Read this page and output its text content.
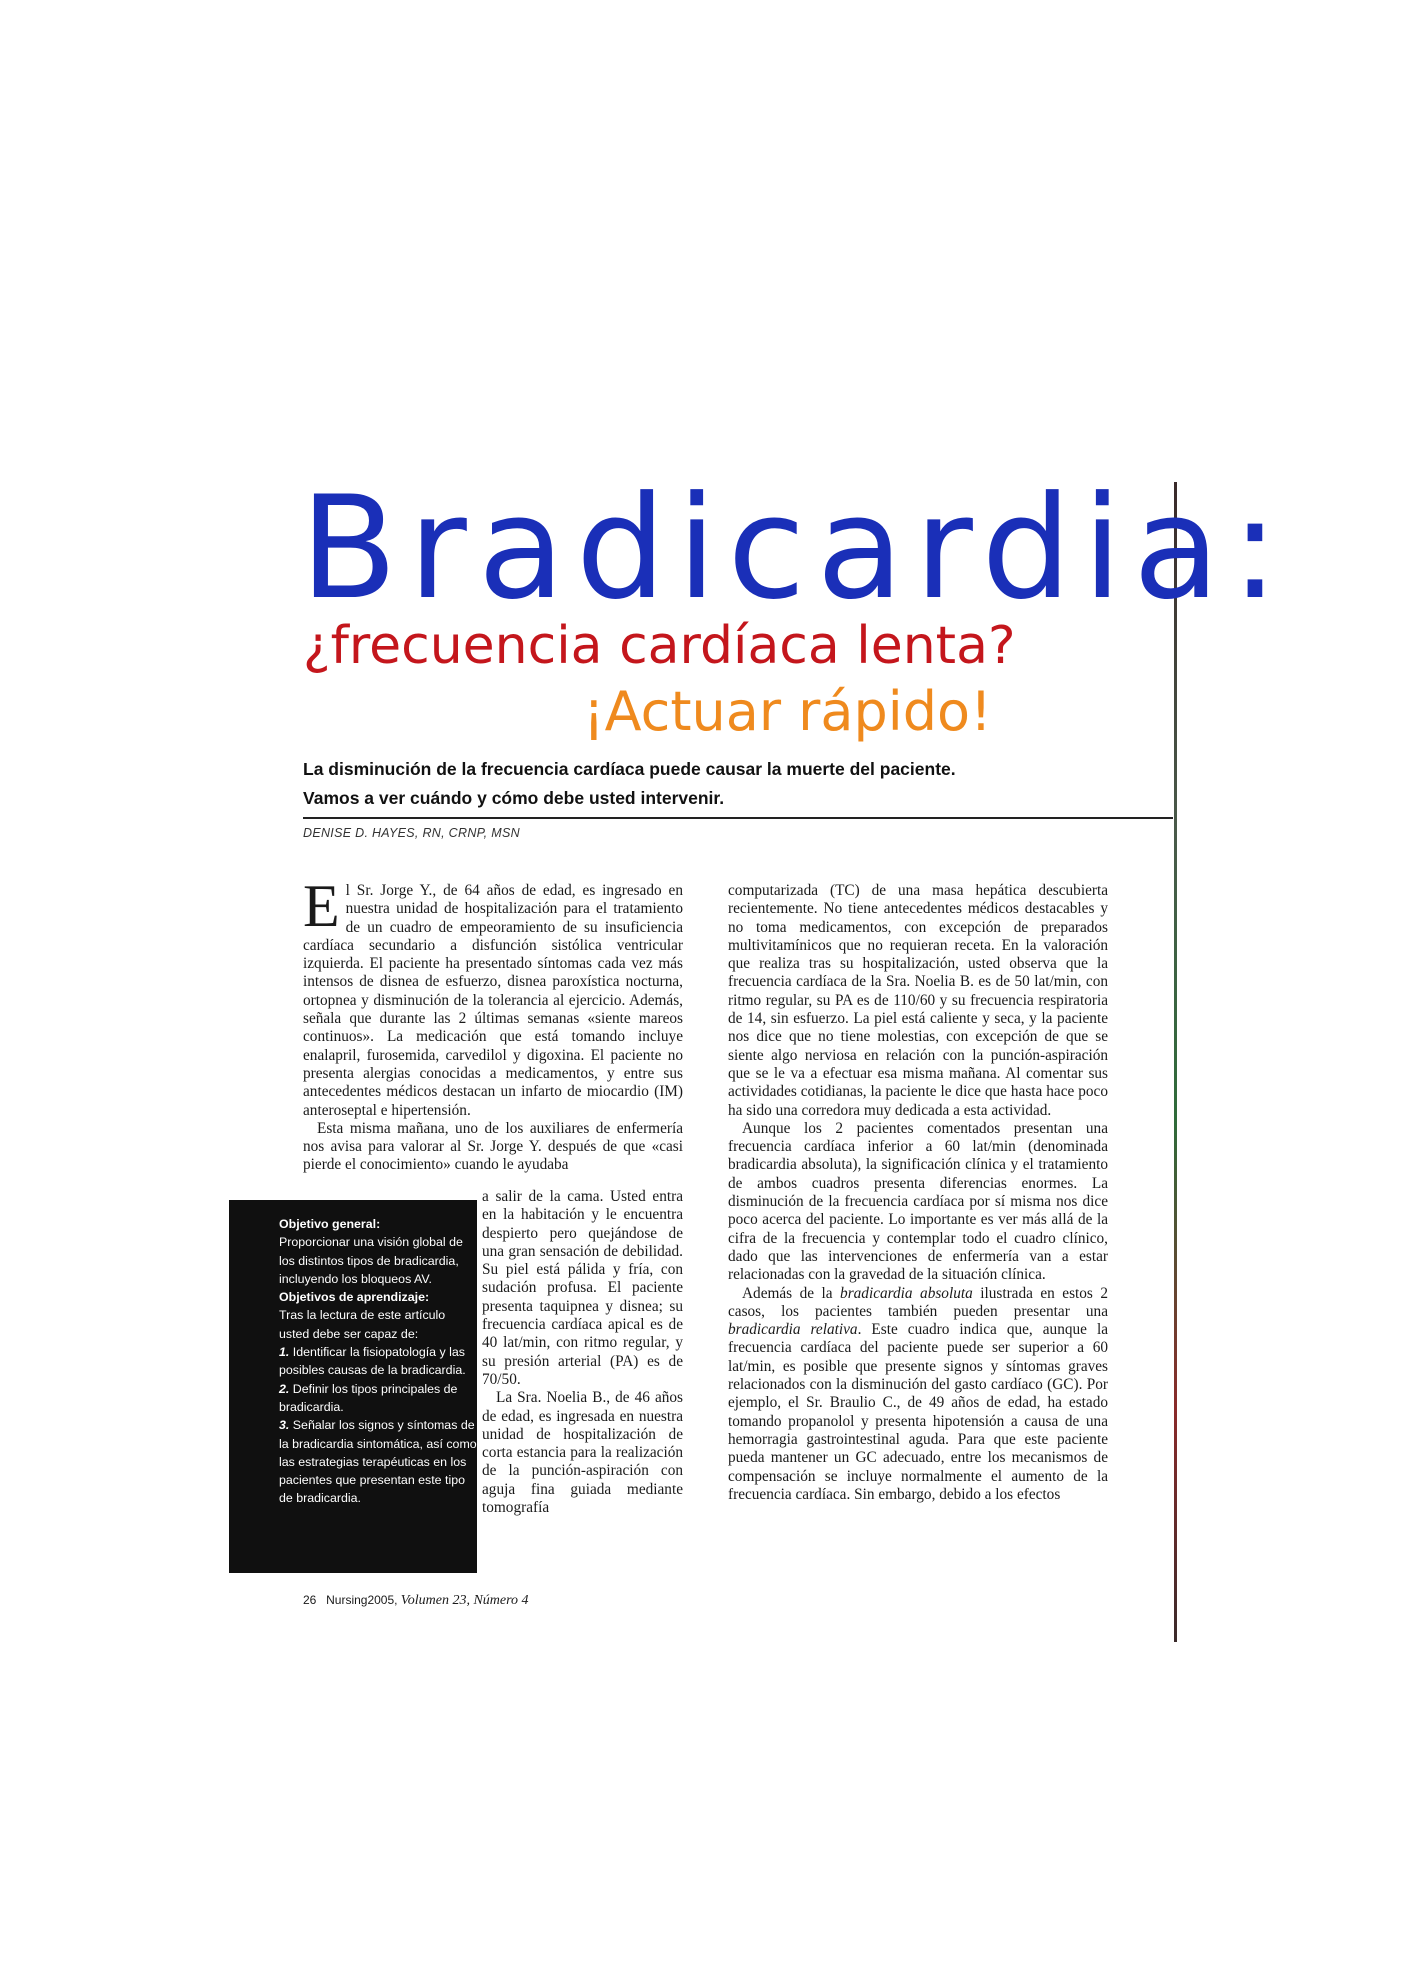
Bradicardia:
¿frecuencia cardíaca lenta?
¡Actuar rápido!

La disminución de la frecuencia cardíaca puede causar la muerte del paciente.

Vamos a ver cuándo y cómo debe usted intervenir.

DENISE D. HAYES, RN, CRNP, MSN

El Sr. Jorge Y., de 64 años de edad, es ingresado en nuestra unidad de hospitalización para el tratamiento de un cuadro de empeoramiento de su insuficiencia cardíaca secundario a disfunción sistólica ventricular izquierda. El paciente ha presentado síntomas cada vez más intensos de disnea de esfuerzo, disnea paroxística nocturna, ortopnea y disminución de la tolerancia al ejercicio. Además, señala que durante las 2 últimas semanas «siente mareos continuos». La medicación que está tomando incluye enalapril, furosemida, carvedilol y digoxina. El paciente no presenta alergias conocidas a medicamentos, y entre sus antecedentes médicos destacan un infarto de miocardio (IM) anteroseptal e hipertensión.

Esta misma mañana, uno de los auxiliares de enfermería nos avisa para valorar al Sr. Jorge Y. después de que «casi pierde el conocimiento» cuando le ayudaba

a salir de la cama. Usted entra en la habitación y le encuentra despierto pero quejándose de una gran sensación de debilidad. Su piel está pálida y fría, con sudación profusa. El paciente presenta taquipnea y disnea; su frecuencia cardíaca apical es de 40 lat/min, con ritmo regular, y su presión arterial (PA) es de 70/50.

La Sra. Noelia B., de 46 años de edad, es ingresada en nuestra unidad de hospitalización de corta estancia para la realización de la punción-aspiración con aguja fina guiada mediante tomografía

computarizada (TC) de una masa hepática descubierta recientemente. No tiene antecedentes médicos destacables y no toma medicamentos, con excepción de preparados multivitamínicos que no requieran receta. En la valoración que realiza tras su hospitalización, usted observa que la frecuencia cardíaca de la Sra. Noelia B. es de 50 lat/min, con ritmo regular, su PA es de 110/60 y su frecuencia respiratoria de 14, sin esfuerzo. La piel está caliente y seca, y la paciente nos dice que no tiene molestias, con excepción de que se siente algo nerviosa en relación con la punción-aspiración que se le va a efectuar esa misma mañana. Al comentar sus actividades cotidianas, la paciente le dice que hasta hace poco ha sido una corredora muy dedicada a esta actividad.

Aunque los 2 pacientes comentados presentan una frecuencia cardíaca inferior a 60 lat/min (denominada bradicardia absoluta), la significación clínica y el tratamiento de ambos cuadros presenta diferencias enormes. La disminución de la frecuencia cardíaca por sí misma nos dice poco acerca del paciente. Lo importante es ver más allá de la cifra de la frecuencia y contemplar todo el cuadro clínico, dado que las intervenciones de enfermería van a estar relacionadas con la gravedad de la situación clínica.

Además de la bradicardia absoluta ilustrada en estos 2 casos, los pacientes también pueden presentar una bradicardia relativa. Este cuadro indica que, aunque la frecuencia cardíaca del paciente puede ser superior a 60 lat/min, es posible que presente signos y síntomas graves relacionados con la disminución del gasto cardíaco (GC). Por ejemplo, el Sr. Braulio C., de 49 años de edad, ha estado tomando propanolol y presenta hipotensión a causa de una hemorragia gastrointestinal aguda. Para que este paciente pueda mantener un GC adecuado, entre los mecanismos de compensación se incluye normalmente el aumento de la frecuencia cardíaca. Sin embargo, debido a los efectos

Objetivo general:

Proporcionar una visión global de los distintos tipos de bradicardia, incluyendo los bloqueos AV.

Objetivos de aprendizaje:

Tras la lectura de este artículo usted debe ser capaz de:

1. Identificar la fisiopatología y las posibles causas de la bradicardia.

2. Definir los tipos principales de bradicardia.

3. Señalar los signos y síntomas de la bradicardia sintomática, así como las estrategias terapéuticas en los pacientes que presentan este tipo de bradicardia.

26 Nursing2005, Volumen 23, Número 4
